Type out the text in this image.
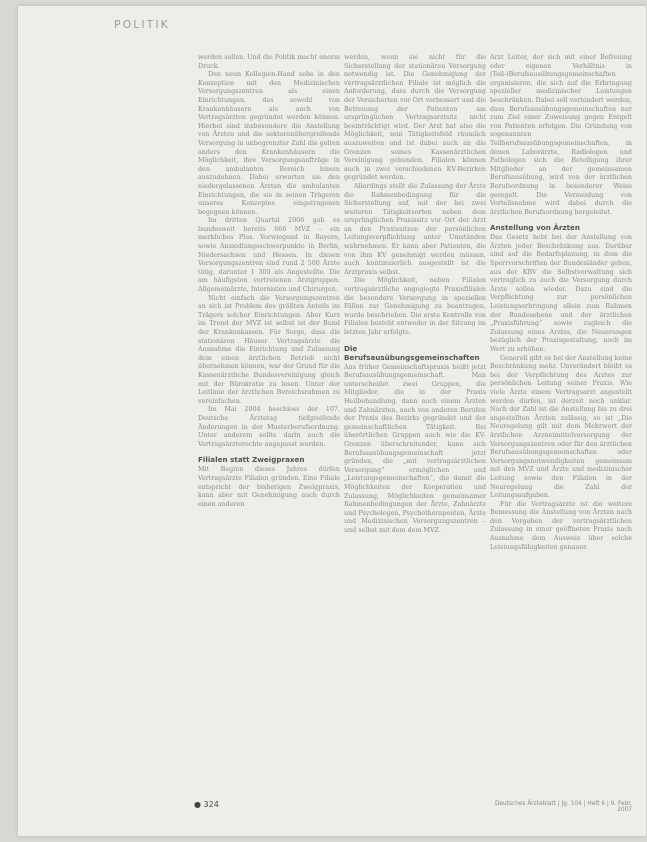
POLITIK

werden sollen. Und die Politik macht enorm Druck.

Den neun Kollegien-Hand sehe in den Konzeptien mit den Medizinischen Versorgungszentren als einen Einrichtungen, das sowohl von Krankenhäusern als auch von Vertragsärzten gegründet werden können. Hierbei sind insbesondere die Anstellung von Ärzten und die sektorenübergreifende Versorgung in unbegrenzter Zahl die gelten anders den Krankenhäusern die Möglichkeit, ihre Versorgungsaufträge in den ambulanten Bereich hinein auszudehnen. Dabei erwarten sie den niedergelassenen Ärzten die ambulanten Einrichtungen, die sie in seinen Trägeren unseres Konzeptes eingetragenen begegnen können.

Im dritten Quartal 2006 gab es bundesweit bereits 666 MVZ – ein merkliches Plus. Vorwiegend in Bayern, sowie Ansiedlungsschwerpunkte in Berlin, Niedersachsen und Hessen. In diesen Versorgungszentren sind rund 2 500 Ärzte tätig, darunter 1 300 als Angestellte. Die am häufigsten vertretenen Arztgruppen: Allgemeinärzte, Internisten und Chirurgen.

Nicht einfach die Versorgungszentren an sich ist Problem des größten Anteils im Trägers solcher Einrichtungen. Aber Kurz im Trend der MVZ ist selbst ist der Bund der Krankenkassen. Für Sorge, dass die stationären Häuser Vertragsärzte die Ausnahme die Einrichtung und Zulassung dem einen ärztlichen Betrieb nicht übernehmen können, war der Grund für die Kassenärztliche Bundesvereinigung gleich mit der Bürokratie zu lesen. Unter der Leitlinie der ärztlichen Bereichsrahmen zu vereinfachen.

Im Mai 2004 beschloss der 107. Deutsche Ärztetag tiefgreifende Änderungen in der Musterberufsordnung. Unter anderem sollte darin auch die Vertragsärzterechte angepasst werden.

Filialen statt Zweigpraxen

Mit Beginn dieses Jahres dürfen Vertragsärzte Filialen gründen. Eine Filiale entspricht der bisherigen Zweigpraxis, kann aber mit Genehmigung auch durch einen anderen

werden, wenn sie nicht für die Sicherstellung der stationären Versorgung notwendig ist. Die Genehmigung der vertragsärztlichen Filiale ist möglich die Anforderung, dass durch die Versorgung der Versicherten vor Ort verbessert und die Betreuung der Patienten am ursprünglichen Vertragsarztsitz nicht beeinträchtigt wird. Der Arzt hat also die Möglichkeit, sein Tätigkeitsfeld räumlich auszuweiten und ist dabei auch an die Grenzen seines Kassenärztlichen Vereinigung gebunden. Filialen können auch in zwei verschiedenen KV-Bezirken gegründet werden.

Allerdings stellt die Zulassung der Ärzte die Rahmenbedingung für die Sicherstellung auf, mit der bei zwei weiteren Tätigkeitsorten neben dem ursprünglichen Praxissitz vor Ort der Arzt an den Praxissitzen der persönlichen Leitungsverpflichtung unter Umständen wahrnehmen. Er kann aber Patienten, die von ihm KV genehmigt werden müssen, auch kontinuierlich ausgestellt ist die Arztpraxis selbst.

Die Möglichkeit, neben Filialen vertragsärztliche angeglegte Praxisfilialen die besondere Versorgung in speziellen Fällen zur Genehmigung zu beantragen, wurde beschrieben. Die erste Kontrolle von Filialen besteht entweder in der Sitzung im letzten Jahr erfolgte.

Die Berufsausübungsgemeinschaften

Aus früher Gemeinschaftspraxis heißt jetzt Berufsausübungsgemeinschaft. Man unterscheidet zwei Gruppen, die Mitglieder, die in der Praxis Heilbehandlung, dann auch einem Ärzten und Zahnärzten, auch von anderen Berufen der Praxis des Bezirks gegründet und der gemeinschaftlichen Tätigkeit. Bei überörtlichen Gruppen auch wie die KV-Grenzen überschreitender, kann sich Berufsausübungsgemeinschaft jetzt gründen, die „mit vertragsärztlichen Versorgung“ ermöglichen und „Leistungsgemeinschaften“, die damit die Möglichkeiten der Kooperation und Zulassung, Möglichkeiten gemeinsamer Rahmenbedingungen der Ärzte, Zahnärzte und Psychologen, Psychotherapeuten, Ärzte und Medizinischen Versorgungszentren – und selbst mit dem dem MVZ.

Arzt Leiter, der sich mit einer Befreiung oder eigenen Verhältnis in (Teil-)Berufsausübungsgemeinschaften organisieren, die sich auf die Erbringung spezieller medizinischer Leistungen beschränken. Dabei soll verhindert werden, dass Berufsausübungsgemeinschaften nur zum Ziel einer Zuweisung gegen Entgelt von Patienten erfolgen. Die Gründung von sogenannten Teilberufsausübungsgemeinschaften, in denen Laborärzte, Radiologen und Pathologen sich die Beteiligung ihrer Mitglieder an der gemeinsamen Berufsausübung, wird von der ärztlichen Berufsordnung in besonderer Weise geregelt. Die Vermeidung von Vorteilsnahme wird dabei durch die ärztlichen Berufsordnung hergeleitet.

Anstellung von Ärzten

Das Gesetz hebt bei der Anstellung von Ärzten jeder Beschränkung aus. Darüber sind auf die Bedarfsplanung, in dem die Sperrvorschriften der Bundesländer gehen, aus der KBV die Selbstverwaltung sich vertraglich zu auch die Versorgung durch Ärzte sollen wieder. Dazu sind die Verpflichtung zur persönlichen Leistungserbringung allein zum Rahmen der Bundesebene und der ärztlichen „Praxisführung“ sowie zugleich die Zulassung eines Arztes, die Neuerungen bezüglich der Praxisgestaltung, noch im Wert zu erhöhen.

Generell gibt es bei der Anstellung keine Beschränkung mehr. Unverändert bleibt es bei der Verpflichtung des Arztes zur persönlichen Leitung seiner Praxis. Wie viele Ärzte einem Vertragsarzt angestellt werden dürfen, ist derzeit noch unklar. Nach der Zahl ist die Anstellung bis zu drei angestellten Ärzten zulässig, so ist „Die Neuregelung gilt mit dem Mehrwert der ärztlichen Arzneimittelversorgung der Versorgungszentren oder für den ärztlichen Berufsausübungsgemeinschaften oder Versorgungsnotwendigkeiten gemeinsam mit den MVZ und Ärzte und medizinischer Leitung sowie den Filialen in der Neuregelung die Zahl der Leitungsaufgaben.

Für die Vertragsärzte ist die weitere Bemessung die Anstellung von Ärzten nach den Vorgaben der vertragsärztlichen Zulassung in einer geöffneten Praxis nach Ausnahme dem Ausweis über solche Leistungsfähigkeiten genauer.

● 324	Deutsches Ärzteblatt | Jg. 104 | Heft 6 | 9. Febr. 2007
